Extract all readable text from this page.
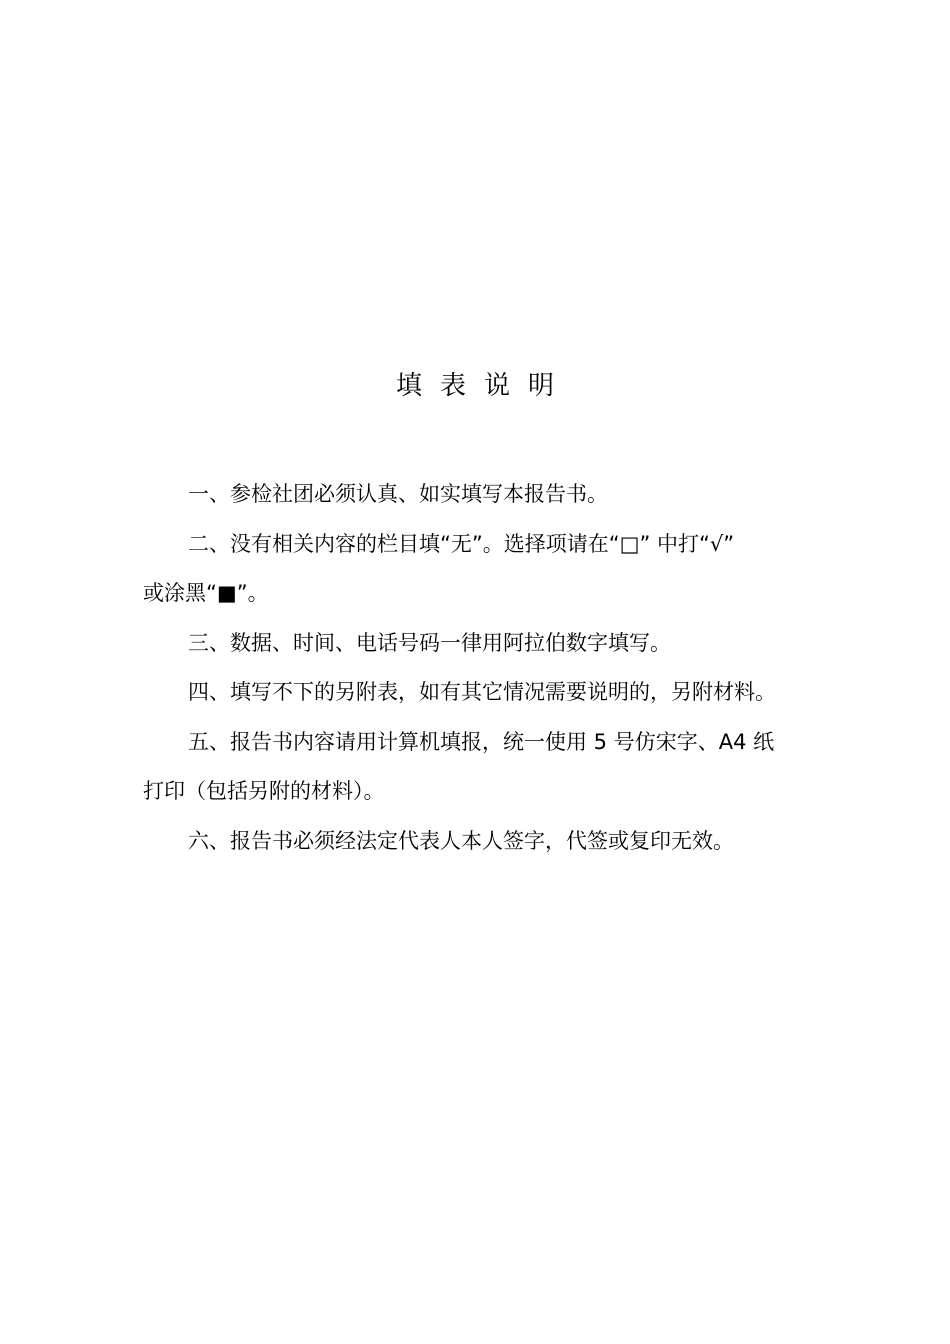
填表说明

一、参检社团必须认真、如实填写本报告书。

二、没有相关内容的栏目填“无”。选择项请在“□” 中打“√”
或涂黑“■”。

三、数据、时间、电话号码一律用阿拉伯数字填写。

四、填写不下的另附表，如有其它情况需要说明的，另附材料。

五、报告书内容请用计算机填报，统一使用 5 号仿宋字、A4 纸
打印（包括另附的材料）。

六、报告书必须经法定代表人本人签字，代签或复印无效。
